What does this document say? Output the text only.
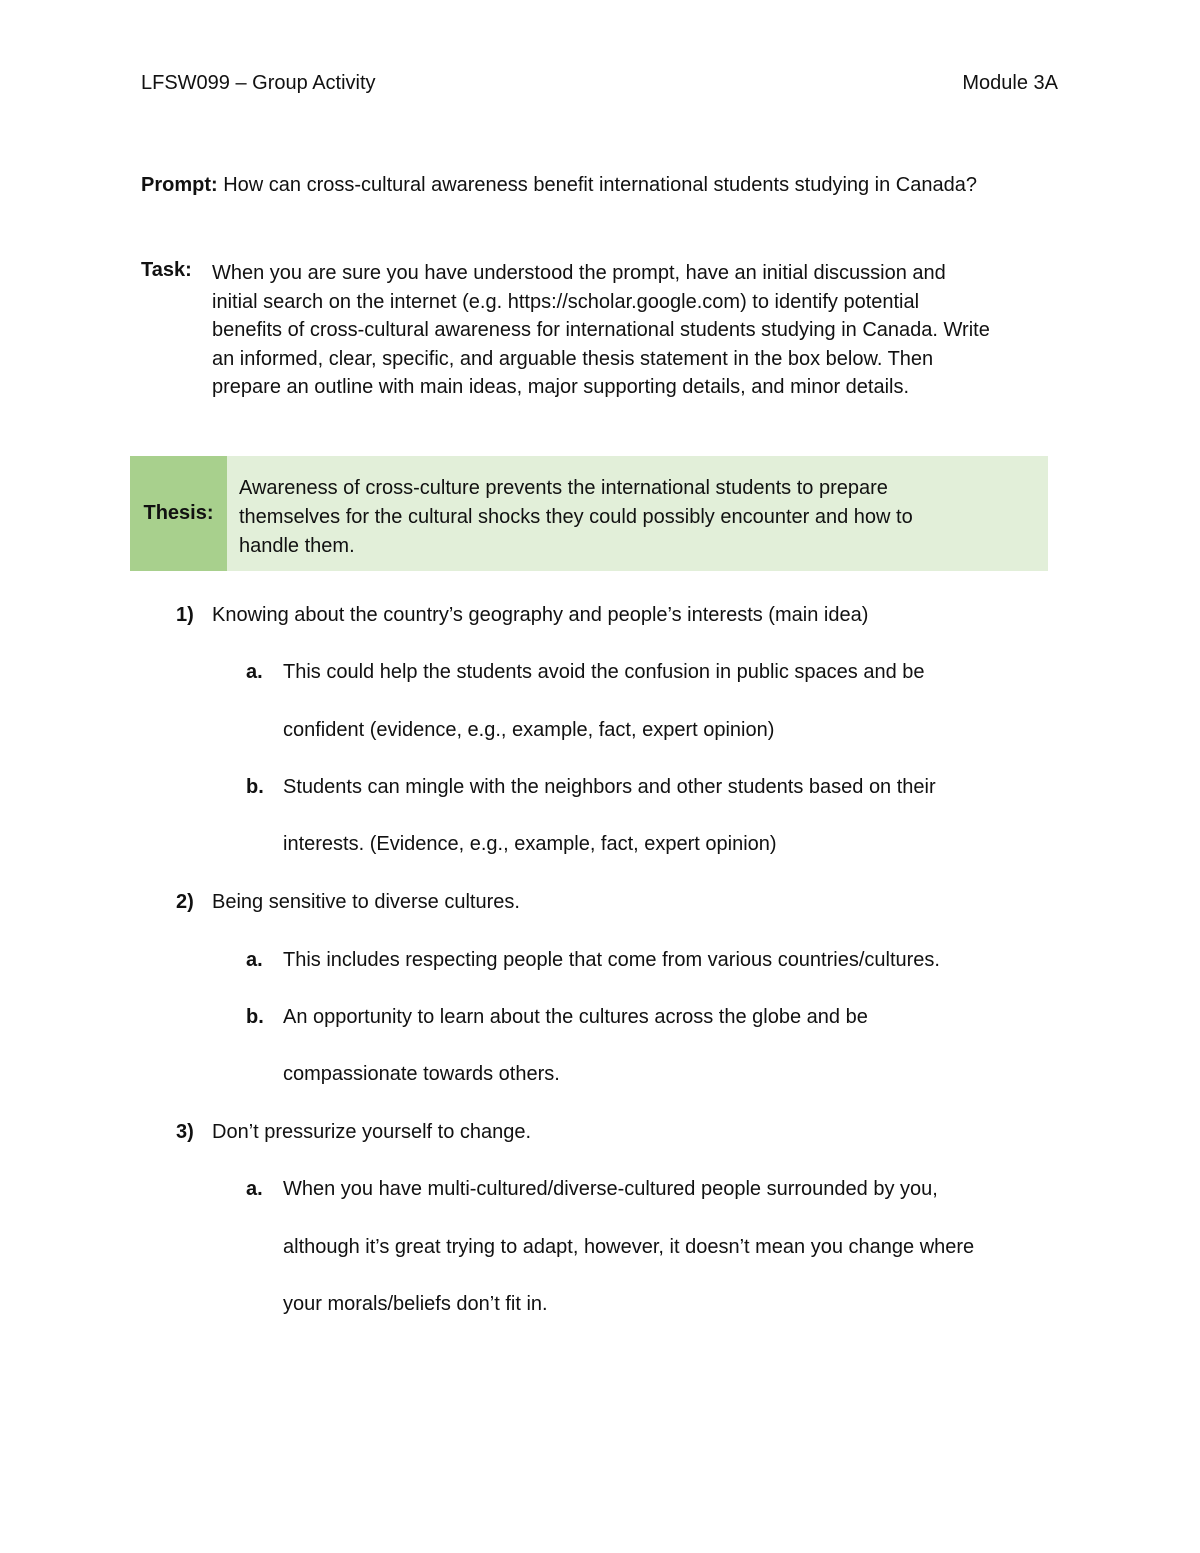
LFSW099 – Group Activity	Module 3A
Prompt: How can cross-cultural awareness benefit international students studying in Canada?
Task: When you are sure you have understood the prompt, have an initial discussion and
initial search on the internet (e.g. https://scholar.google.com) to identify potential
benefits of cross-cultural awareness for international students studying in Canada. Write
an informed, clear, specific, and arguable thesis statement in the box below. Then
prepare an outline with main ideas, major supporting details, and minor details.
Thesis:
Awareness of cross-culture prevents the international students to prepare
themselves for the cultural shocks they could possibly encounter and how to
handle them.
1) Knowing about the country’s geography and people’s interests (main idea)
a. This could help the students avoid the confusion in public spaces and be
confident (evidence, e.g., example, fact, expert opinion)
b. Students can mingle with the neighbors and other students based on their
interests. (Evidence, e.g., example, fact, expert opinion)
2) Being sensitive to diverse cultures.
a. This includes respecting people that come from various countries/cultures.
b. An opportunity to learn about the cultures across the globe and be
compassionate towards others.
3) Don’t pressurize yourself to change.
a. When you have multi-cultured/diverse-cultured people surrounded by you,
although it’s great trying to adapt, however, it doesn’t mean you change where
your morals/beliefs don’t fit in.
